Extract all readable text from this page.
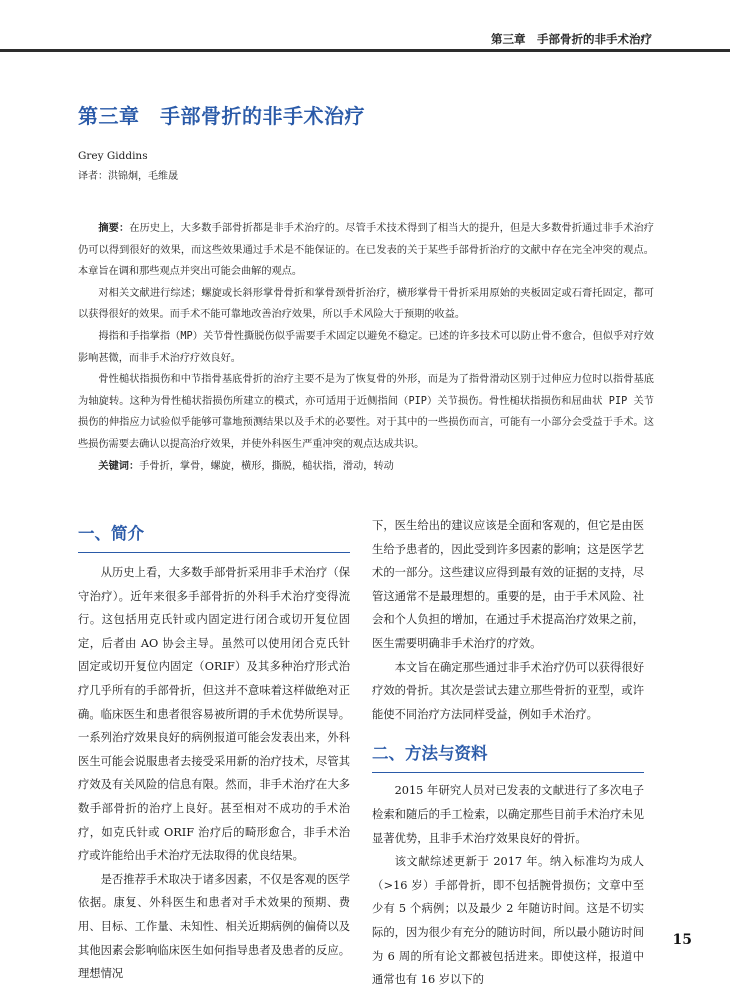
第三章　手部骨折的非手术治疗
第三章　手部骨折的非手术治疗
Grey Giddins
译者：洪锦炯，毛维晟

摘要：在历史上，大多数手部骨折都是非手术治疗的。尽管手术技术得到了相当大的提升，但是大多数骨折通过非手术治疗仍可以得到很好的效果，而这些效果通过手术是不能保证的。在已发表的关于某些手部骨折治疗的文献中存在完全冲突的观点。本章旨在调和那些观点并突出可能会曲解的观点。

对相关文献进行综述；螺旋或长斜形掌骨骨折和掌骨颈骨折治疗，横形掌骨干骨折采用原始的夹板固定或石膏托固定，都可以获得很好的效果。而手术不能可靠地改善治疗效果，所以手术风险大于预期的收益。

拇指和手指掌指（MP）关节骨性撕脱伤似乎需要手术固定以避免不稳定。已述的许多技术可以防止骨不愈合，但似乎对疗效影响甚微，而非手术治疗疗效良好。

骨性槌状指损伤和中节指骨基底骨折的治疗主要不是为了恢复骨的外形，而是为了指骨滑动区别于过伸应力位时以指骨基底为轴旋转。这种为骨性槌状指损伤所建立的模式，亦可适用于近侧指间（PIP）关节损伤。骨性槌状指损伤和屈曲状 PIP 关节损伤的伸指应力试验似乎能够可靠地预测结果以及手术的必要性。对于其中的一些损伤而言，可能有一小部分会受益于手术。这些损伤需要去确认以提高治疗效果，并使外科医生严重冲突的观点达成共识。

关键词：手骨折，掌骨，螺旋，横形，撕脱，槌状指，滑动，转动

一、简介

从历史上看，大多数手部骨折采用非手术治疗（保守治疗）。近年来很多手部骨折的外科手术治疗变得流行。这包括用克氏针或内固定进行闭合或切开复位固定，后者由 AO 协会主导。虽然可以使用闭合克氏针固定或切开复位内固定（ORIF）及其多种治疗形式治疗几乎所有的手部骨折，但这并不意味着这样做绝对正确。临床医生和患者很容易被所谓的手术优势所误导。一系列治疗效果良好的病例报道可能会发表出来，外科医生可能会说服患者去接受采用新的治疗技术，尽管其疗效及有关风险的信息有限。然而，非手术治疗在大多数手部骨折的治疗上良好。甚至相对不成功的手术治疗，如克氏针或 ORIF 治疗后的畸形愈合，非手术治疗或许能给出手术治疗无法取得的优良结果。

是否推荐手术取决于诸多因素，不仅是客观的医学依据。康复、外科医生和患者对手术效果的预期、费用、目标、工作量、未知性、相关近期病例的偏倚以及其他因素会影响临床医生如何指导患者及患者的反应。理想情况

下，医生给出的建议应该是全面和客观的，但它是由医生给予患者的，因此受到许多因素的影响；这是医学艺术的一部分。这些建议应得到最有效的证据的支持，尽管这通常不是最理想的。重要的是，由于手术风险、社会和个人负担的增加，在通过手术提高治疗效果之前，医生需要明确非手术治疗的疗效。

本文旨在确定那些通过非手术治疗仍可以获得很好疗效的骨折。其次是尝试去建立那些骨折的亚型，或许能使不同治疗方法同样受益，例如手术治疗。

二、方法与资料

2015 年研究人员对已发表的文献进行了多次电子检索和随后的手工检索，以确定那些目前手术治疗未见显著优势，且非手术治疗效果良好的骨折。

该文献综述更新于 2017 年。纳入标准均为成人（>16 岁）手部骨折，即不包括腕骨损伤；文章中至少有 5 个病例；以及最少 2 年随访时间。这是不切实际的，因为很少有充分的随访时间，所以最小随访时间为 6 周的所有论文都被包括进来。即使这样，报道中通常也有 16 岁以下的

15
